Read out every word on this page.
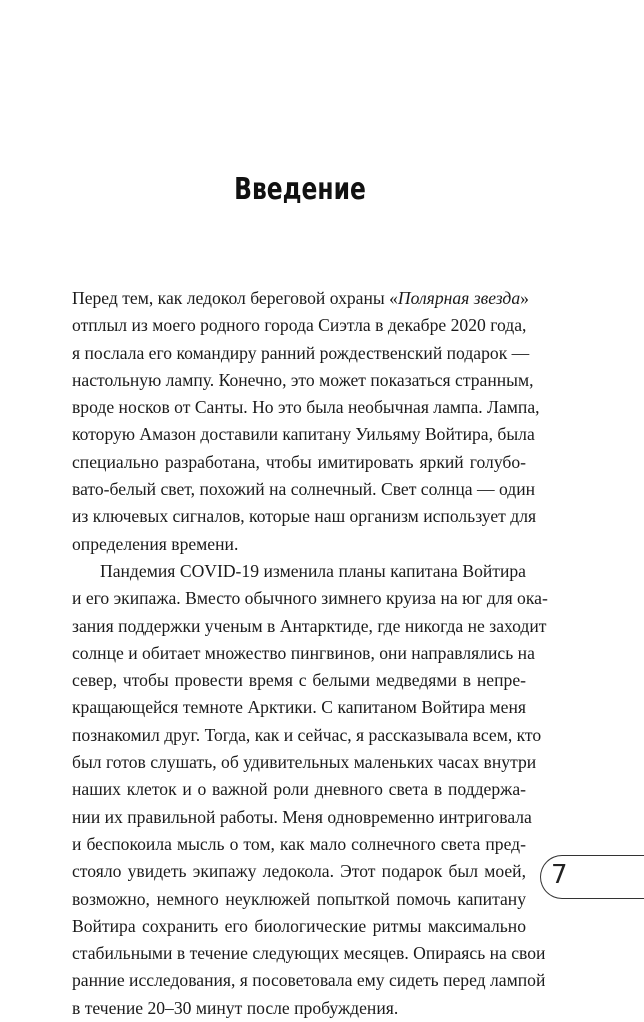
Введение
Перед тем, как ледокол береговой охраны «Полярная звезда»
отплыл из моего родного города Сиэтла в декабре 2020 года,
я послала его командиру ранний рождественский подарок —
настольную лампу. Конечно, это может показаться странным,
вроде носков от Санты. Но это была необычная лампа. Лампа,
которую Амазон доставили капитану Уильяму Войтира, была
специально разработана, чтобы имитировать яркий голубо-
вато-белый свет, похожий на солнечный. Свет солнца — один
из ключевых сигналов, которые наш организм использует для
определения времени.
Пандемия COVID-19 изменила планы капитана Войтира
и его экипажа. Вместо обычного зимнего круиза на юг для ока-
зания поддержки ученым в Антарктиде, где никогда не заходит
солнце и обитает множество пингвинов, они направлялись на
север, чтобы провести время с белыми медведями в непре-
кращающейся темноте Арктики. С капитаном Войтира меня
познакомил друг. Тогда, как и сейчас, я рассказывала всем, кто
был готов слушать, об удивительных маленьких часах внутри
наших клеток и о важной роли дневного света в поддержа-
нии их правильной работы. Меня одновременно интриговала
и беспокоила мысль о том, как мало солнечного света пред-
стояло увидеть экипажу ледокола. Этот подарок был моей,
возможно, немного неуклюжей попыткой помочь капитану
Войтира сохранить его биологические ритмы максимально
стабильными в течение следующих месяцев. Опираясь на свои
ранние исследования, я посоветовала ему сидеть перед лампой
в течение 20–30 минут после пробуждения.
7
